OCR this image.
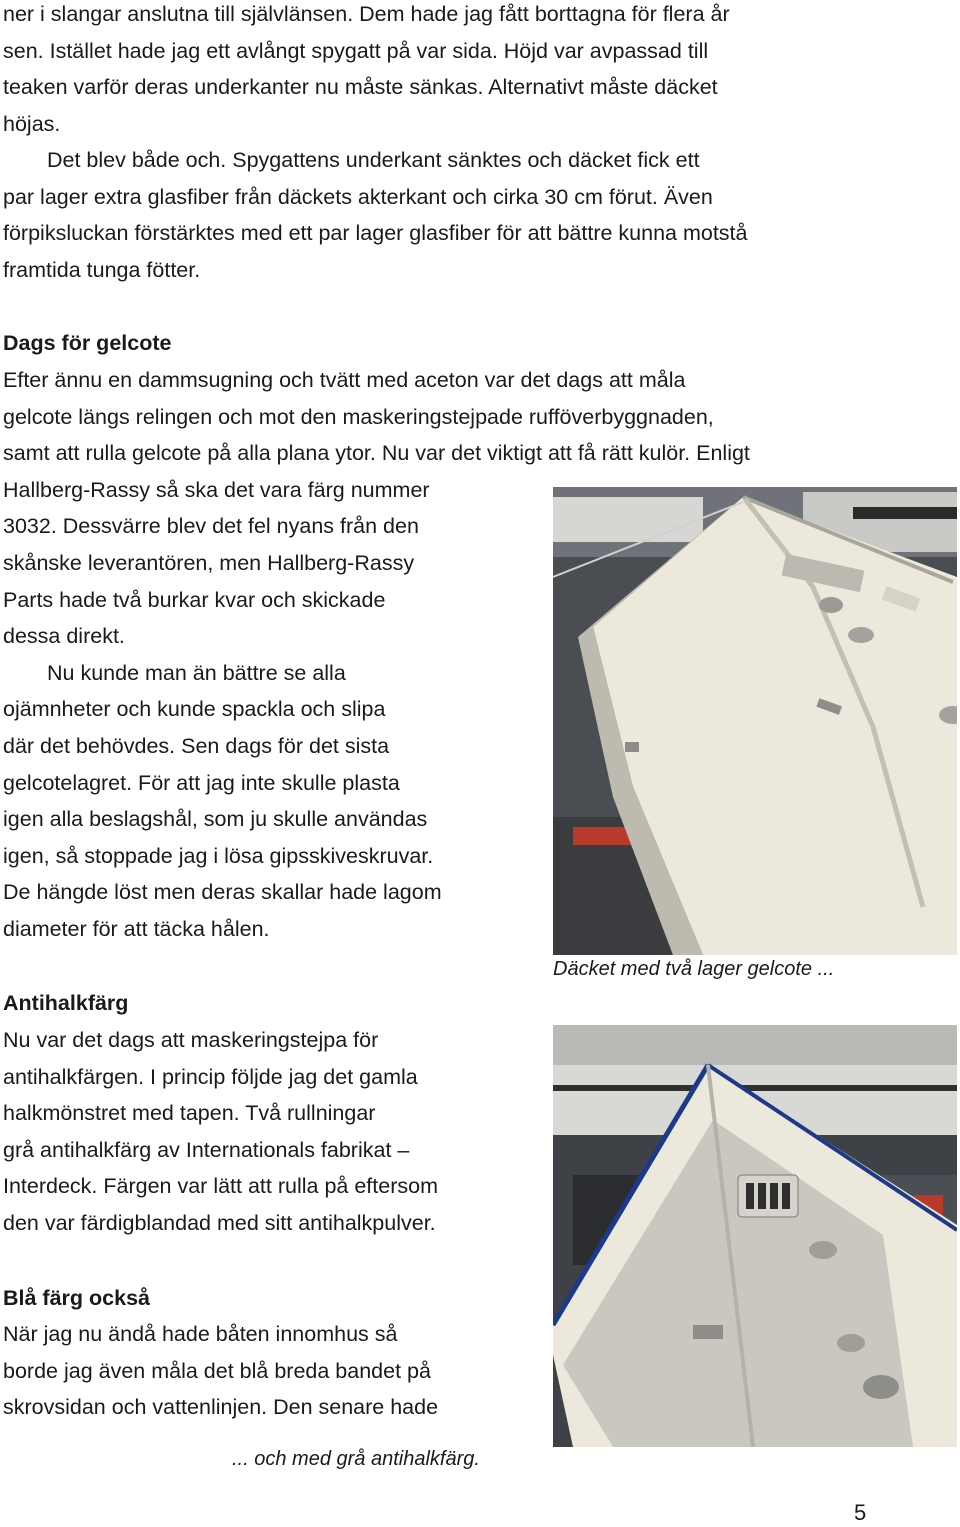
ner i slangar anslutna till självlänsen. Dem hade jag fått borttagna för flera år
sen. Istället hade jag ett avlångt spygatt på var sida. Höjd var avpassad till
teaken varför deras underkanter nu måste sänkas. Alternativt måste däcket
höjas.
Det blev både och. Spygattens underkant sänktes och däcket fick ett
par lager extra glasfiber från däckets akterkant och cirka 30 cm förut. Även
förpiksluckan förstärktes med ett par lager glasfiber för att bättre kunna motstå
framtida tunga fötter.
Dags för gelcote
Efter ännu en dammsugning och tvätt med aceton var det dags att måla
gelcote längs relingen och mot den maskeringstejpade rufföverbyggnaden,
samt att rulla gelcote på alla plana ytor. Nu var det viktigt att få rätt kulör. Enligt
Hallberg-Rassy så ska det vara färg nummer
3032. Dessvärre blev det fel nyans från den
skånske leverantören, men Hallberg-Rassy
Parts hade två burkar kvar och skickade
dessa direkt.
Nu kunde man än bättre se alla
ojämnheter och kunde spackla och slipa
där det behövdes. Sen dags för det sista
gelcotelagret. För att jag inte skulle plasta
igen alla beslagshål, som ju skulle användas
igen, så stoppade jag i lösa gipsskiveskruvar.
De hängde löst men deras skallar hade lagom
diameter för att täcka hålen.
Antihalkfärg
Nu var det dags att maskeringstejpa för
antihalkfärgen. I princip följde jag det gamla
halkmönstret med tapen. Två rullningar
grå antihalkfärg av Internationals fabrikat –
Interdeck. Färgen var lätt att rulla på eftersom
den var färdigblandad med sitt antihalkpulver.
Blå färg också
När jag nu ändå hade båten innomhus så
borde jag även måla det blå breda bandet på
skrovsidan och vattenlinjen. Den senare hade
Däcket med två lager gelcote ...
... och med grå antihalkfärg.
5
